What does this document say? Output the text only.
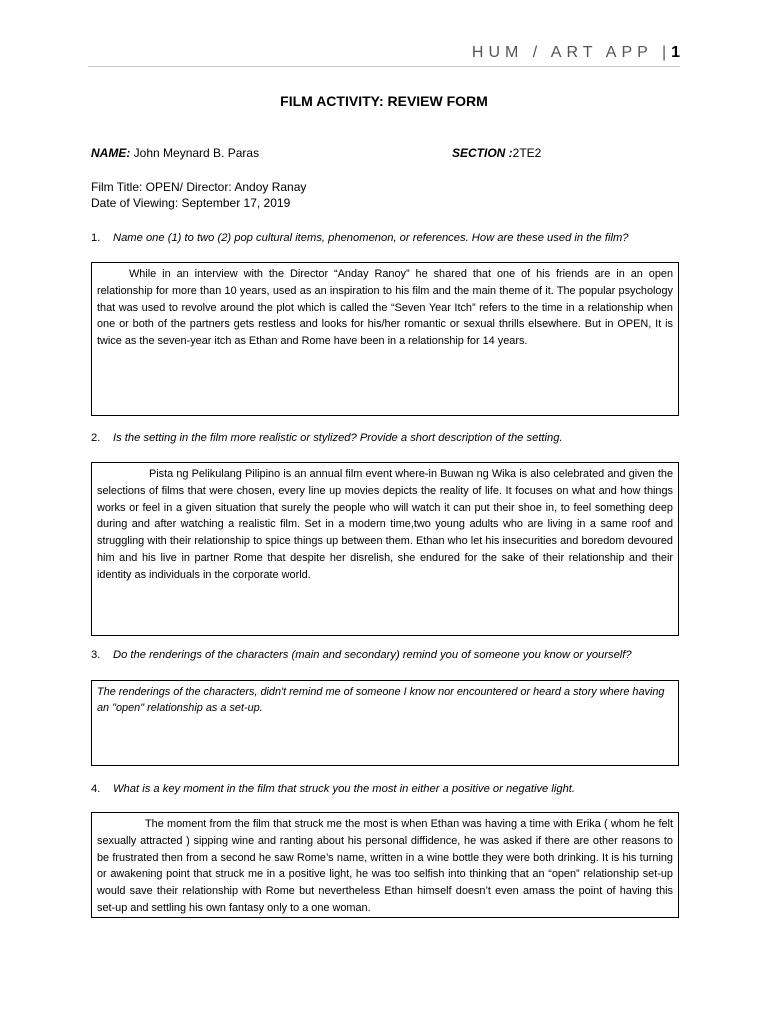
HUM / ART APP |1
FILM ACTIVITY: REVIEW FORM
NAME: John Meynard B. Paras	SECTION :2TE2
Film Title: OPEN/ Director: Andoy Ranay
Date of Viewing: September 17, 2019
1. Name one (1) to two (2) pop cultural items, phenomenon, or references. How are these used in the film?
While in an interview with the Director “Anday Ranoy” he shared that one of his friends are in an open relationship for more than 10 years, used as an inspiration to his film and the main theme of it. The popular psychology that was used to revolve around the plot which is called the “Seven Year Itch” refers to the time in a relationship when one or both of the partners gets restless and looks for his/her romantic or sexual thrills elsewhere. But in OPEN, It is twice as the seven-year itch as Ethan and Rome have been in a relationship for 14 years.
2. Is the setting in the film more realistic or stylized? Provide a short description of the setting.
Pista ng Pelikulang Pilipino is an annual film event where-in Buwan ng Wika is also celebrated and given the selections of films that were chosen, every line up movies depicts the reality of life. It focuses on what and how things works or feel in a given situation that surely the people who will watch it can put their shoe in, to feel something deep during and after watching a realistic film. Set in a modern time,two young adults who are living in a same roof and struggling with their relationship to spice things up between them. Ethan who let his insecurities and boredom devoured him and his live in partner Rome that despite her disrelish, she endured for the sake of their relationship and their identity as individuals in the corporate world.
3. Do the renderings of the characters (main and secondary) remind you of someone you know or yourself?
The renderings of the characters, didn't remind me of someone I know nor encountered or heard a story where having an "open" relationship as a set-up.
4. What is a key moment in the film that struck you the most in either a positive or negative light.
The moment from the film that struck me the most is when Ethan was having a time with Erika ( whom he felt sexually attracted ) sipping wine and ranting about his personal diffidence, he was asked if there are other reasons to be frustrated then from a second he saw Rome’s name, written in a wine bottle they were both drinking. It is his turning or awakening point that struck me in a positive light, he was too selfish into thinking that an “open” relationship set-up would save their relationship with Rome but nevertheless Ethan himself doesn’t even amass the point of having this set-up and settling his own fantasy only to a one woman.
